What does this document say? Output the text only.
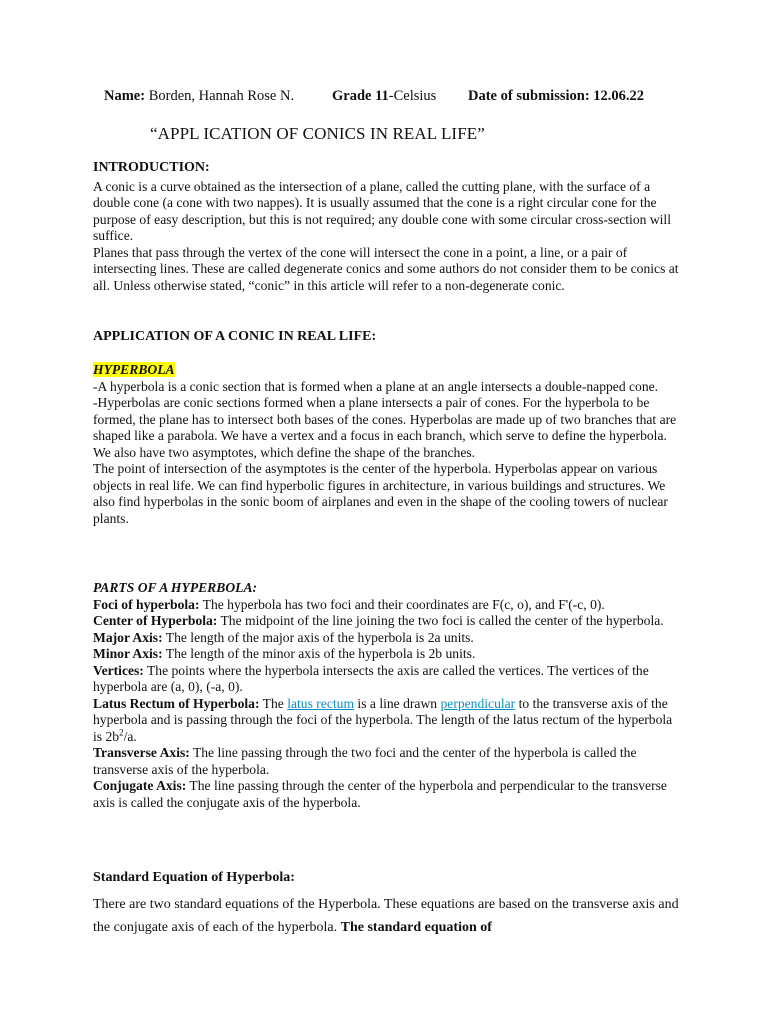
Name: Borden, Hannah Rose N.	Grade 11-Celsius Date of submission: 12.06.22
“APPL ICATION OF CONICS IN REAL LIFE”

INTRODUCTION:

A conic is a curve obtained as the intersection of a plane, called the cutting plane, with the surface of a double cone (a cone with two nappes). It is usually assumed that the cone is a right circular cone for the purpose of easy description, but this is not required; any double cone with some circular cross-section will suffice.

Planes that pass through the vertex of the cone will intersect the cone in a point, a line, or a pair of intersecting lines. These are called degenerate conics and some authors do not consider them to be conics at all. Unless otherwise stated, “conic” in this article will refer to a non-degenerate conic.

APPLICATION OF A CONIC IN REAL LIFE:

HYPERBOLA

-A hyperbola is a conic section that is formed when a plane at an angle intersects a double-napped cone.

-Hyperbolas are conic sections formed when a plane intersects a pair of cones. For the hyperbola to be formed, the plane has to intersect both bases of the cones. Hyperbolas are made up of two branches that are shaped like a parabola. We have a vertex and a focus in each branch, which serve to define the hyperbola. We also have two asymptotes, which define the shape of the branches.

The point of intersection of the asymptotes is the center of the hyperbola. Hyperbolas appear on various objects in real life. We can find hyperbolic figures in architecture, in various buildings and structures. We also find hyperbolas in the sonic boom of airplanes and even in the shape of the cooling towers of nuclear plants.

PARTS OF A HYPERBOLA:

Foci of hyperbola: The hyperbola has two foci and their coordinates are F(c, o), and F'(-c, 0).

Center of Hyperbola: The midpoint of the line joining the two foci is called the center of the hyperbola.

Major Axis: The length of the major axis of the hyperbola is 2a units.

Minor Axis: The length of the minor axis of the hyperbola is 2b units.

Vertices: The points where the hyperbola intersects the axis are called the vertices. The vertices of the hyperbola are (a, 0), (-a, 0).

Latus Rectum of Hyperbola: The latus rectum is a line drawn perpendicular to the transverse axis of the hyperbola and is passing through the foci of the hyperbola. The length of the latus rectum of the hyperbola is $2b^2/a$.

Transverse Axis: The line passing through the two foci and the center of the hyperbola is called the transverse axis of the hyperbola.

Conjugate Axis: The line passing through the center of the hyperbola and perpendicular to the transverse axis is called the conjugate axis of the hyperbola.

Standard Equation of Hyperbola:

There are two standard equations of the Hyperbola. These equations are based on the transverse axis and the conjugate axis of each of the hyperbola. The standard equation of
